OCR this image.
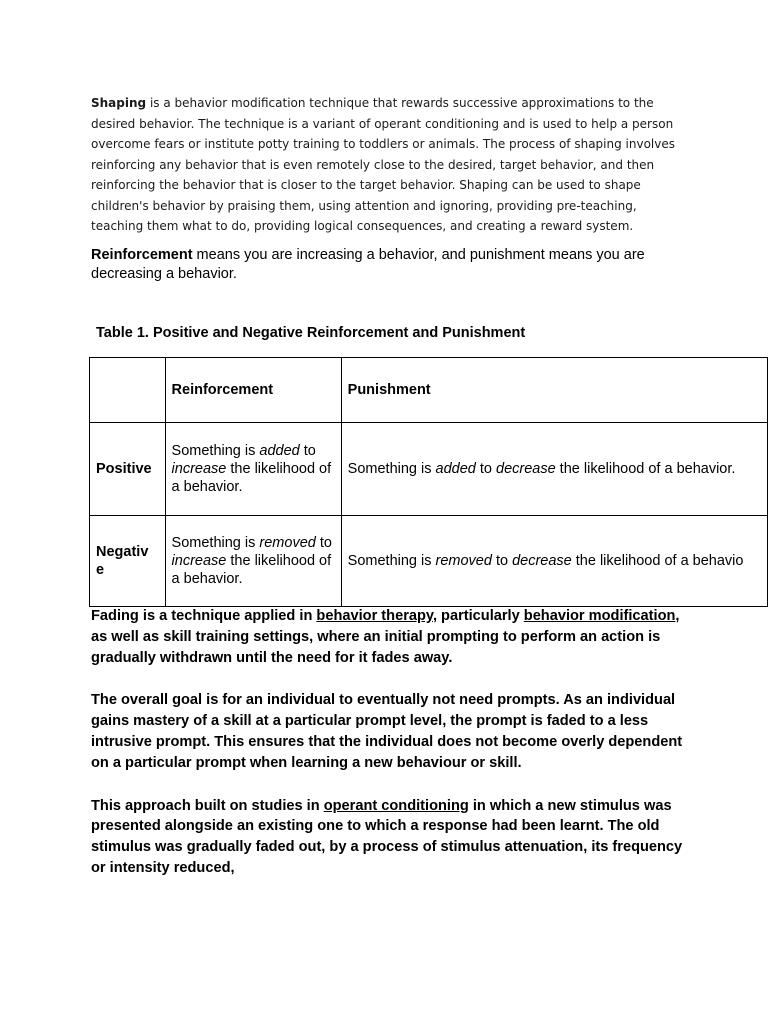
Shaping is a behavior modification technique that rewards successive approximations to the desired behavior. The technique is a variant of operant conditioning and is used to help a person overcome fears or institute potty training to toddlers or animals. The process of shaping involves reinforcing any behavior that is even remotely close to the desired, target behavior, and then reinforcing the behavior that is closer to the target behavior. Shaping can be used to shape children's behavior by praising them, using attention and ignoring, providing pre-teaching, teaching them what to do, providing logical consequences, and creating a reward system.
Reinforcement means you are increasing a behavior, and punishment means you are decreasing a behavior.
Table 1. Positive and Negative Reinforcement and Punishment
	Reinforcement	Punishment
Positive	Something is added to increase the likelihood of a behavior.	Something is added to decrease the likelihood of a behavior.
Negativ e	Something is removed to increase the likelihood of a behavior.	Something is removed to decrease the likelihood of a behavio

Fading is a technique applied in behavior therapy, particularly behavior modification, as well as skill training settings, where an initial prompting to perform an action is gradually withdrawn until the need for it fades away.

The overall goal is for an individual to eventually not need prompts. As an individual gains mastery of a skill at a particular prompt level, the prompt is faded to a less intrusive prompt. This ensures that the individual does not become overly dependent on a particular prompt when learning a new behaviour or skill.

This approach built on studies in operant conditioning in which a new stimulus was presented alongside an existing one to which a response had been learnt. The old stimulus was gradually faded out, by a process of stimulus attenuation, its frequency or intensity reduced,
